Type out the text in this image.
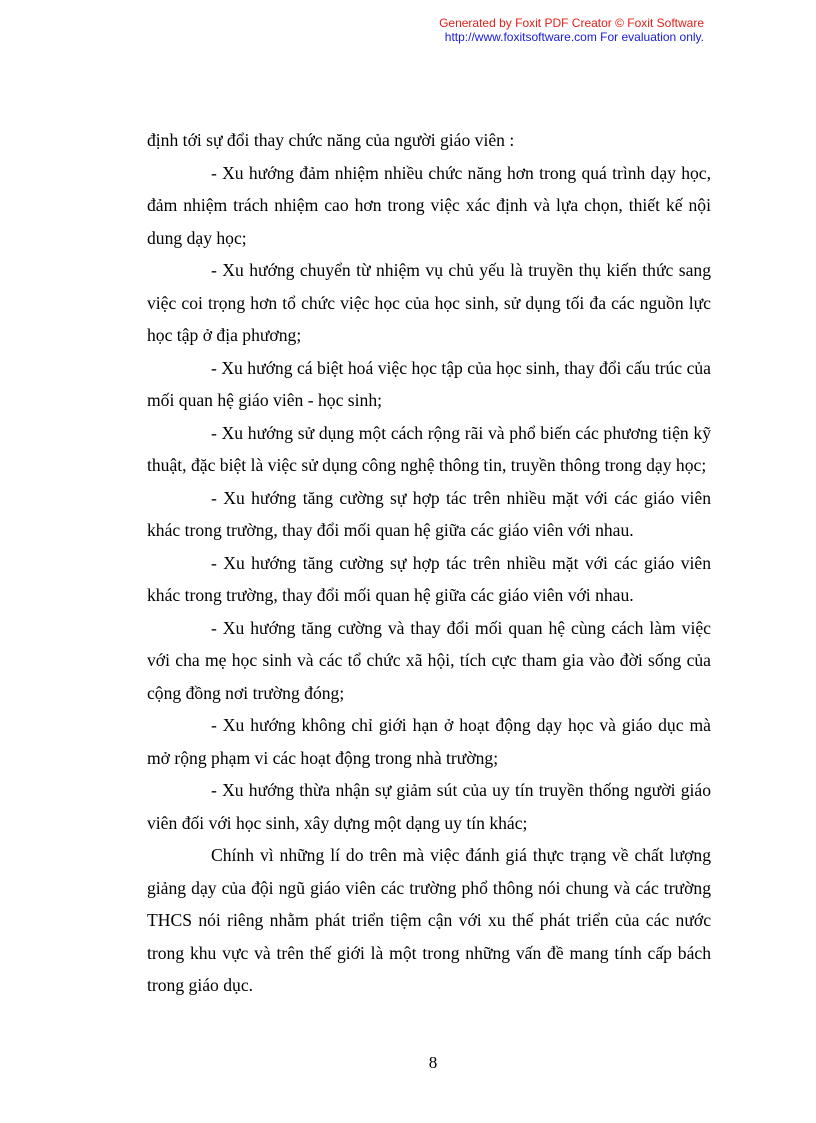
Generated by Foxit PDF Creator © Foxit Software
http://www.foxitsoftware.com For evaluation only.

định tới sự đổi thay chức năng của người giáo viên :

- Xu hướng đảm nhiệm nhiều chức năng hơn trong quá trình dạy học, đảm nhiệm trách nhiệm cao hơn trong việc xác định và lựa chọn, thiết kế nội dung dạy học;

- Xu hướng chuyển từ nhiệm vụ chủ yếu là truyền thụ kiến thức sang việc coi trọng hơn tổ chức việc học của học sinh, sử dụng tối đa các nguồn lực học tập ở địa phương;

- Xu hướng cá biệt hoá việc học tập của học sinh, thay đổi cấu trúc của mối quan hệ giáo viên - học sinh;

- Xu hướng sử dụng một cách rộng rãi và phổ biến các phương tiện kỹ thuật, đặc biệt là việc sử dụng công nghệ thông tin, truyền thông trong dạy học;

- Xu hướng tăng cường sự hợp tác trên nhiều mặt với các giáo viên khác trong trường, thay đổi mối quan hệ giữa các giáo viên với nhau.

- Xu hướng tăng cường sự hợp tác trên nhiều mặt với các giáo viên khác trong trường, thay đổi mối quan hệ giữa các giáo viên với nhau.

- Xu hướng tăng cường và thay đổi mối quan hệ cùng cách làm việc với cha mẹ học sinh và các tổ chức xã hội, tích cực tham gia vào đời sống của cộng đồng nơi trường đóng;

- Xu hướng không chỉ giới hạn ở hoạt động dạy học và giáo dục mà mở rộng phạm vi các hoạt động trong nhà trường;

- Xu hướng thừa nhận sự giảm sút của uy tín truyền thống người giáo viên đối với học sinh, xây dựng một dạng uy tín khác;

Chính vì những lí do trên mà việc đánh giá thực trạng về chất lượng giảng dạy của đội ngũ giáo viên các trường phổ thông nói chung và các trường THCS nói riêng nhằm phát triển tiệm cận với xu thế phát triển của các nước trong khu vực và trên thế giới là một trong những vấn đề mang tính cấp bách trong giáo dục.

8
